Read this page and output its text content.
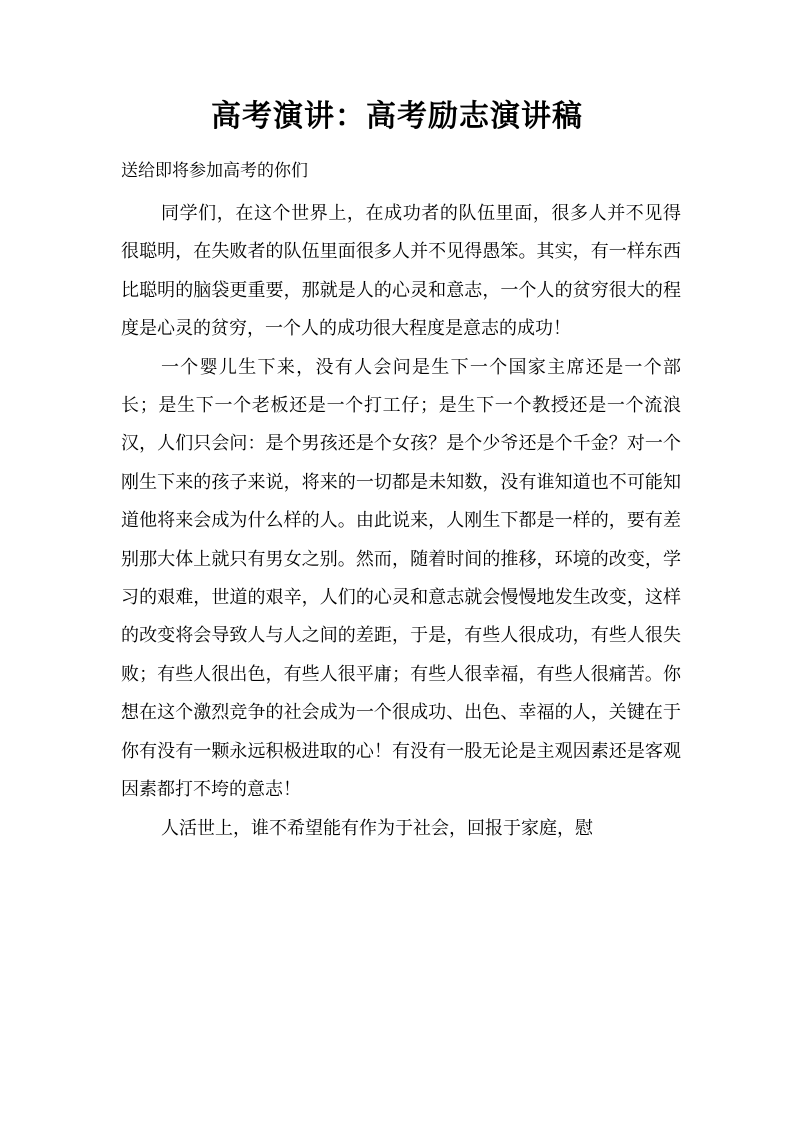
高考演讲：高考励志演讲稿

送给即将参加高考的你们

同学们，在这个世界上，在成功者的队伍里面，很多人并不见得很聪明，在失败者的队伍里面很多人并不见得愚笨。其实，有一样东西比聪明的脑袋更重要，那就是人的心灵和意志，一个人的贫穷很大的程度是心灵的贫穷，一个人的成功很大程度是意志的成功！

一个婴儿生下来，没有人会问是生下一个国家主席还是一个部长；是生下一个老板还是一个打工仔；是生下一个教授还是一个流浪汉，人们只会问：是个男孩还是个女孩？是个少爷还是个千金？对一个刚生下来的孩子来说，将来的一切都是未知数，没有谁知道也不可能知道他将来会成为什么样的人。由此说来，人刚生下都是一样的，要有差别那大体上就只有男女之别。然而，随着时间的推移，环境的改变，学习的艰难，世道的艰辛，人们的心灵和意志就会慢慢地发生改变，这样的改变将会导致人与人之间的差距，于是，有些人很成功，有些人很失败；有些人很出色，有些人很平庸；有些人很幸福，有些人很痛苦。你想在这个激烈竞争的社会成为一个很成功、出色、幸福的人，关键在于你有没有一颗永远积极进取的心！有没有一股无论是主观因素还是客观因素都打不垮的意志！

人活世上，谁不希望能有作为于社会，回报于家庭，慰
